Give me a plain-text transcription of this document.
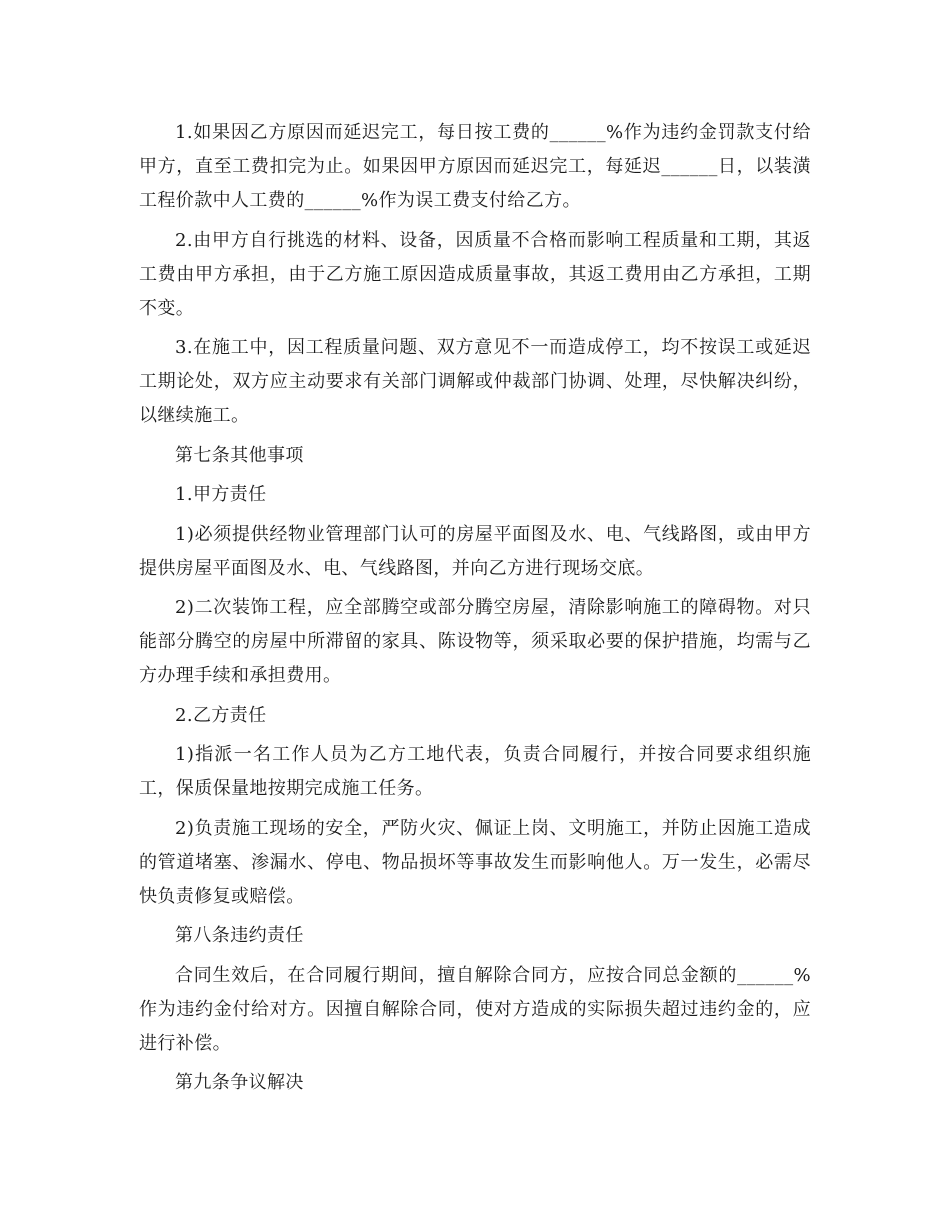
1.如果因乙方原因而延迟完工，每日按工费的______%作为违约金罚款支付给甲方，直至工费扣完为止。如果因甲方原因而延迟完工，每延迟______日，以装潢工程价款中人工费的______%作为误工费支付给乙方。

2.由甲方自行挑选的材料、设备，因质量不合格而影响工程质量和工期，其返工费由甲方承担，由于乙方施工原因造成质量事故，其返工费用由乙方承担，工期不变。

3.在施工中，因工程质量问题、双方意见不一而造成停工，均不按误工或延迟工期论处，双方应主动要求有关部门调解或仲裁部门协调、处理，尽快解决纠纷，以继续施工。

第七条其他事项

1.甲方责任

1)必须提供经物业管理部门认可的房屋平面图及水、电、气线路图，或由甲方提供房屋平面图及水、电、气线路图，并向乙方进行现场交底。

2)二次装饰工程，应全部腾空或部分腾空房屋，清除影响施工的障碍物。对只能部分腾空的房屋中所滞留的家具、陈设物等，须采取必要的保护措施，均需与乙方办理手续和承担费用。

2.乙方责任

1)指派一名工作人员为乙方工地代表，负责合同履行，并按合同要求组织施工，保质保量地按期完成施工任务。

2)负责施工现场的安全，严防火灾、佩证上岗、文明施工，并防止因施工造成的管道堵塞、渗漏水、停电、物品损坏等事故发生而影响他人。万一发生，必需尽快负责修复或赔偿。

第八条违约责任

合同生效后，在合同履行期间，擅自解除合同方，应按合同总金额的______%作为违约金付给对方。因擅自解除合同，使对方造成的实际损失超过违约金的，应进行补偿。

第九条争议解决
